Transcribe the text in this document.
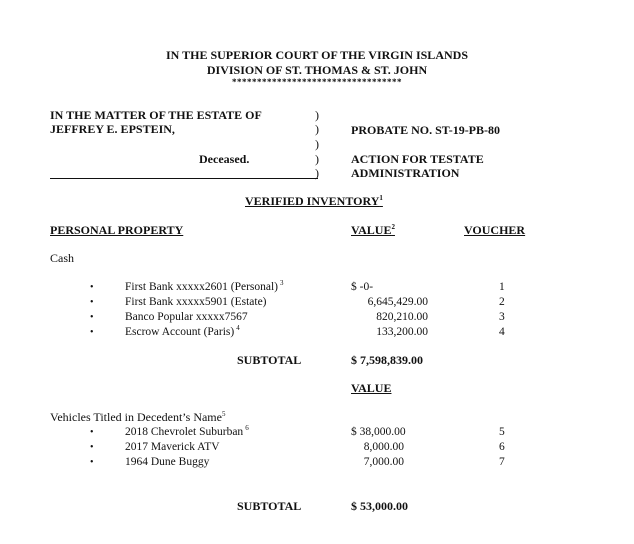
IN THE SUPERIOR COURT OF THE VIRGIN ISLANDS
DIVISION OF ST. THOMAS & ST. JOHN
**********************************
IN THE MATTER OF THE ESTATE OF
JEFFREY E. EPSTEIN,
Deceased.
)
)
)
)
)
PROBATE NO. ST-19-PB-80
ACTION FOR TESTATE
ADMINISTRATION
VERIFIED INVENTORY$^1$
PERSONAL PROPERTY	VALUE$^2$	VOUCHER
Cash
•	First Bank xxxxx2601 (Personal) $^3$	$ -0-	1
•	First Bank xxxxx5901 (Estate)	6,645,429.00	2
•	Banco Popular xxxxx7567	820,210.00	3
•	Escrow Account (Paris) $^4$	133,200.00	4
SUBTOTAL	$ 7,598,839.00
VALUE
Vehicles Titled in Decedent’s Name$^5$
•	2018 Chevrolet Suburban $^6$	$ 38,000.00	5
•	2017 Maverick ATV	8,000.00	6
•	1964 Dune Buggy	7,000.00	7
SUBTOTAL	$ 53,000.00
